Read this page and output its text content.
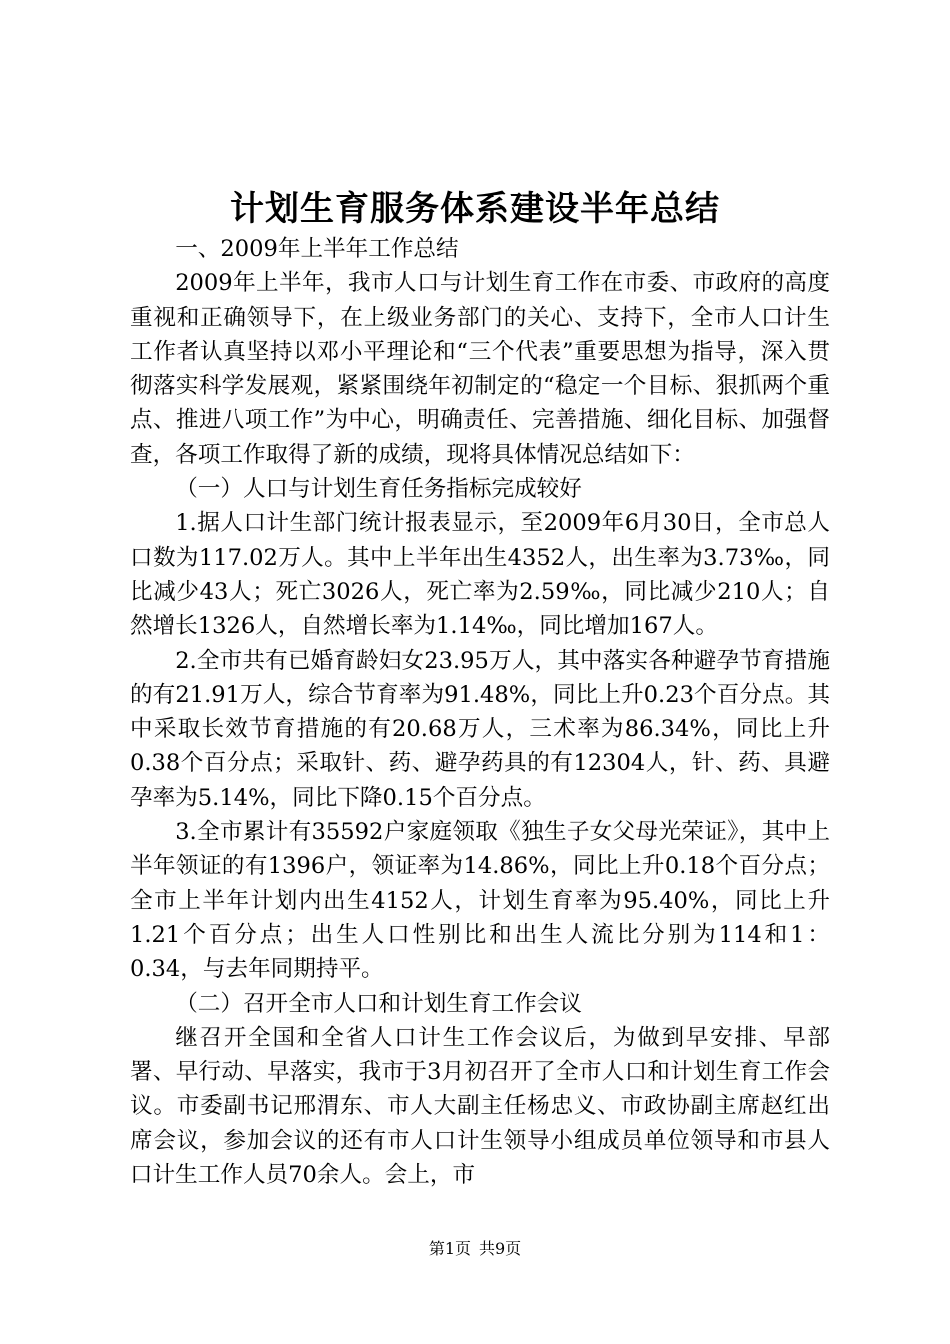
计划生育服务体系建设半年总结

一、2009年上半年工作总结

2009年上半年，我市人口与计划生育工作在市委、市政府的高度重视和正确领导下，在上级业务部门的关心、支持下，全市人口计生工作者认真坚持以邓小平理论和“三个代表”重要思想为指导，深入贯彻落实科学发展观，紧紧围绕年初制定的“稳定一个目标、狠抓两个重点、推进八项工作”为中心，明确责任、完善措施、细化目标、加强督查，各项工作取得了新的成绩，现将具体情况总结如下：

（一）人口与计划生育任务指标完成较好

1.据人口计生部门统计报表显示，至2009年6月30日，全市总人口数为117.02万人。其中上半年出生4352人，出生率为3.73‰，同比减少43人；死亡3026人，死亡率为2.59‰，同比减少210人；自然增长1326人，自然增长率为1.14‰，同比增加167人。

2.全市共有已婚育龄妇女23.95万人，其中落实各种避孕节育措施的有21.91万人，综合节育率为91.48%，同比上升0.23个百分点。其中采取长效节育措施的有20.68万人，三术率为86.34%，同比上升0.38个百分点；采取针、药、避孕药具的有12304人，针、药、具避孕率为5.14%，同比下降0.15个百分点。

3.全市累计有35592户家庭领取《独生子女父母光荣证》，其中上半年领证的有1396户，领证率为14.86%，同比上升0.18个百分点；全市上半年计划内出生4152人，计划生育率为95.40%，同比上升1.21个百分点；出生人口性别比和出生人流比分别为114和1：0.34，与去年同期持平。

（二）召开全市人口和计划生育工作会议

继召开全国和全省人口计生工作会议后，为做到早安排、早部署、早行动、早落实，我市于3月初召开了全市人口和计划生育工作会议。市委副书记邢渭东、市人大副主任杨忠义、市政协副主席赵红出席会议，参加会议的还有市人口计生领导小组成员单位领导和市县人口计生工作人员70余人。会上，市

第1页 共9页
